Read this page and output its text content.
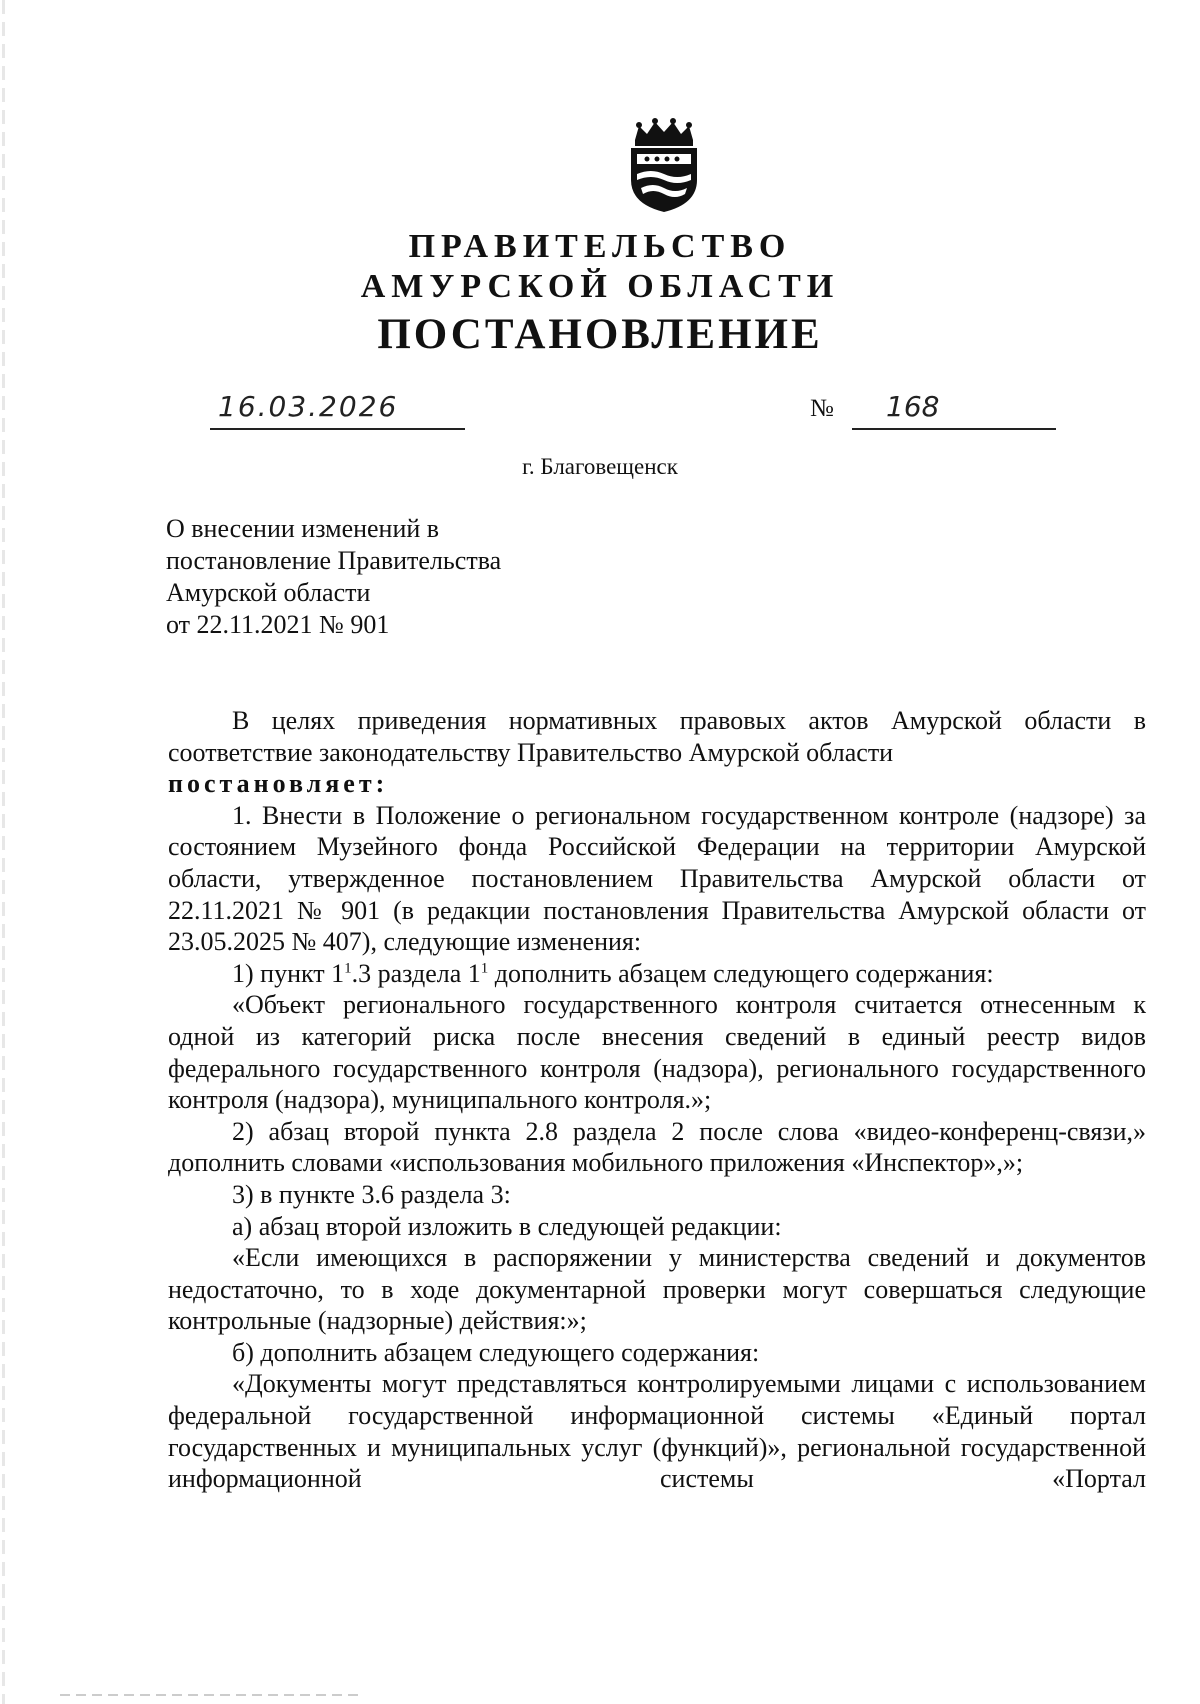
ПРАВИТЕЛЬСТВО
АМУРСКОЙ ОБЛАСТИ
ПОСТАНОВЛЕНИЕ
16.03.2026	№ 168
г. Благовещенск
О внесении изменений в
постановление Правительства
Амурской области
от 22.11.2021 № 901

В целях приведения нормативных правовых актов Амурской области в соответствие законодательству Правительство Амурской области

постановляет:

1. Внести в Положение о региональном государственном контроле (надзоре) за состоянием Музейного фонда Российской Федерации на территории Амурской области, утвержденное постановлением Правительства Амурской области от 22.11.2021 № 901 (в редакции постановления Правительства Амурской области от 23.05.2025 № 407), следующие изменения:

1) пункт $1^1.3$ раздела $1^1$ дополнить абзацем следующего содержания:

«Объект регионального государственного контроля считается отнесенным к одной из категорий риска после внесения сведений в единый реестр видов федерального государственного контроля (надзора), регионального государственного контроля (надзора), муниципального контроля.»;

2) абзац второй пункта 2.8 раздела 2 после слова «видео-конференц-связи,» дополнить словами «использования мобильного приложения «Инспектор»,»;

3) в пункте 3.6 раздела 3:

а) абзац второй изложить в следующей редакции:

«Если имеющихся в распоряжении у министерства сведений и документов недостаточно, то в ходе документарной проверки могут совершаться следующие контрольные (надзорные) действия:»;

б) дополнить абзацем следующего содержания:

«Документы могут представляться контролируемыми лицами с использованием федеральной государственной информационной системы «Единый портал государственных и муниципальных услуг (функций)», региональной государственной информационной системы «Портал
